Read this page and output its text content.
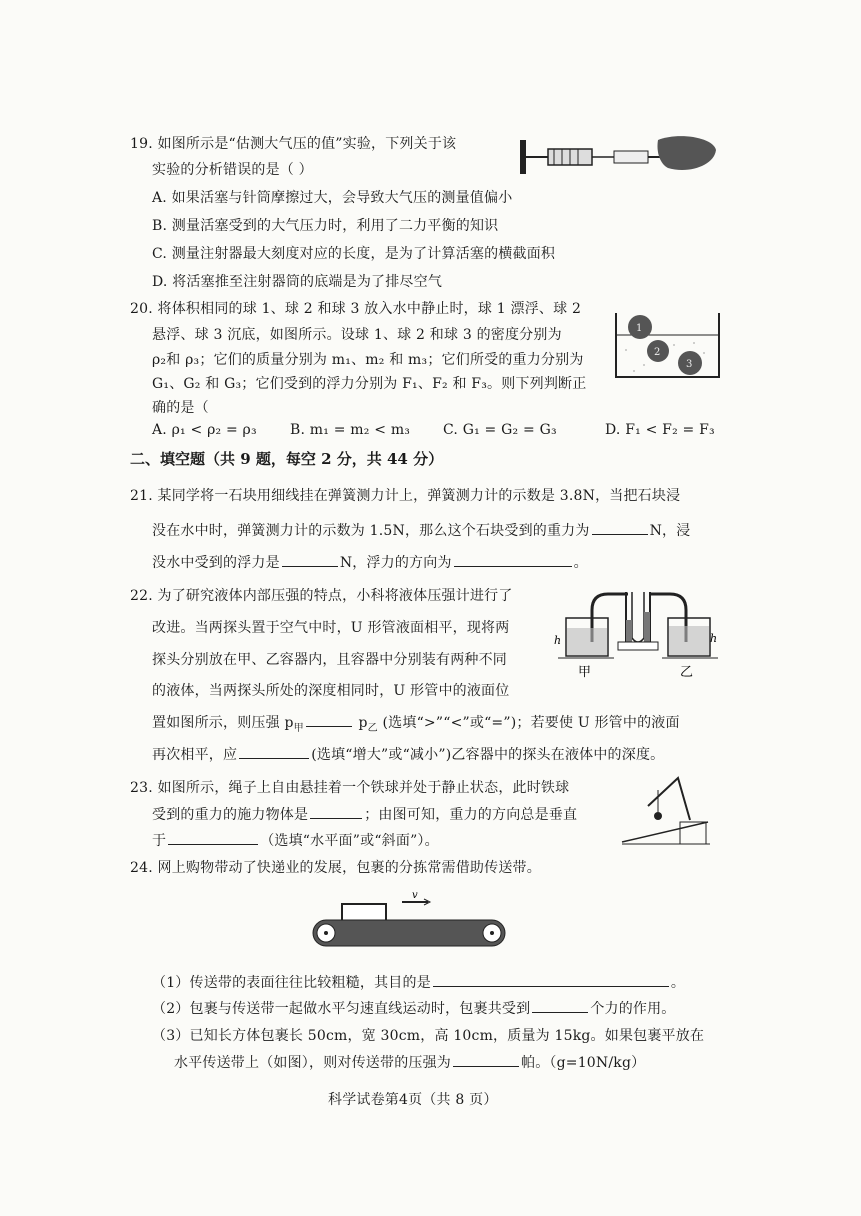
19. 如图所示是“估测大气压的值”实验，下列关于该
实验的分析错误的是（ ）
A. 如果活塞与针筒摩擦过大，会导致大气压的测量值偏小
B. 测量活塞受到的大气压力时，利用了二力平衡的知识
C. 测量注射器最大刻度对应的长度，是为了计算活塞的横截面积
D. 将活塞推至注射器筒的底端是为了排尽空气
20. 将体积相同的球 1、球 2 和球 3 放入水中静止时，球 1 漂浮、球 2
悬浮、球 3 沉底，如图所示。设球 1、球 2 和球 3 的密度分别为
ρ₂和 ρ₃；它们的质量分别为 m₁、m₂ 和 m₃；它们所受的重力分别为
G₁、G₂ 和 G₃；它们受到的浮力分别为 F₁、F₂ 和 F₃。则下列判断正
确的是（
A. ρ₁ < ρ₂ = ρ₃ B. m₁ = m₂ < m₃ C. G₁ = G₂ = G₃	D. F₁ < F₂ = F₃
1
2
3
二、填空题（共 9 题，每空 2 分，共 44 分）
21. 某同学将一石块用细线挂在弹簧测力计上，弹簧测力计的示数是 3.8N，当把石块浸
没在水中时，弹簧测力计的示数为 1.5N，那么这个石块受到的重力为	N，浸
没水中受到的浮力是	N，浮力的方向为	。
22. 为了研究液体内部压强的特点，小科将液体压强计进行了
改进。当两探头置于空气中时，U 形管液面相平，现将两
探头分别放在甲、乙容器内，且容器中分别装有两种不同
的液体，当两探头所处的深度相同时，U 形管中的液面位
置如图所示，则压强 $p_甲$	$p_乙$ (选填“>”“<”或“=”)；若要使 U 形管中的液面
再次相平，应	(选填“增大”或“减小”)乙容器中的探头在液体中的深度。
h	h
甲	乙
23. 如图所示，绳子上自由悬挂着一个铁球并处于静止状态，此时铁球
受到的重力的施力物体是	；由图可知，重力的方向总是垂直
于	（选填“水平面”或“斜面”）。
24. 网上购物带动了快递业的发展，包裹的分拣常需借助传送带。
v
（1）传送带的表面往往比较粗糙，其目的是	。
（2）包裹与传送带一起做水平匀速直线运动时，包裹共受到	个力的作用。
（3）已知长方体包裹长 50cm，宽 30cm，高 10cm，质量为 15kg。如果包裹平放在
水平传送带上（如图），则对传送带的压强为	帕。（g=10N/kg）
科学试卷第4页（共 8 页）
